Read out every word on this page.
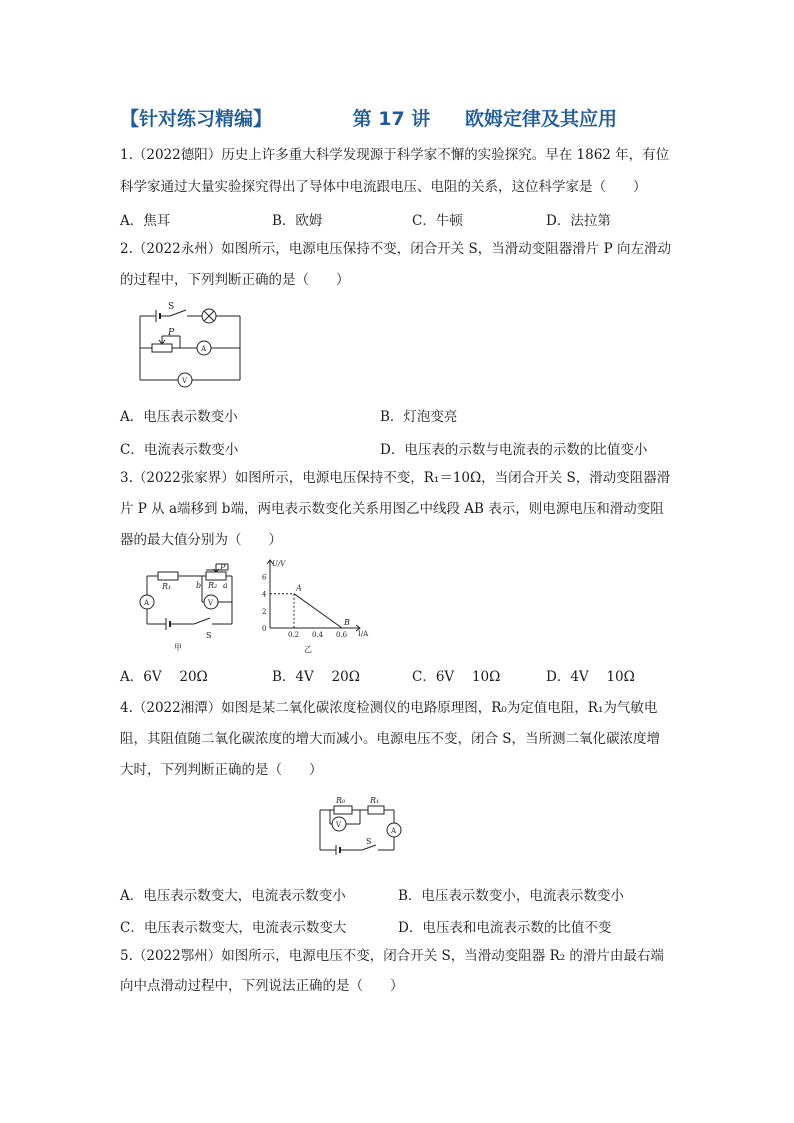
【针对练习精编】	第 17 讲 欧姆定律及其应用
1.（2022德阳）历史上许多重大科学发现源于科学家不懈的实验探究。早在 1862 年，有位
科学家通过大量实验探究得出了导体中电流跟电压、电阻的关系，这位科学家是（　　）
A．焦耳	B．欧姆	C．牛顿	D．法拉第
2.（2022永州）如图所示，电源电压保持不变，闭合开关 S，当滑动变阻器滑片 P 向左滑动
的过程中，下列判断正确的是（　　）
S
P
A
V
A．电压表示数变小	B．灯泡变亮
C．电流表示数变小	D．电压表的示数与电流表的示数的比值变小
3.（2022张家界）如图所示，电源电压保持不变，R₁＝10Ω，当闭合开关 S，滑动变阻器滑
片 P 从 a端移到 b端，两电表示数变化关系用图乙中线段 AB 表示，则电源电压和滑动变阻
器的最大值分别为（　　）
R₁	R₂
P
a
b
A	V
S
甲
I/A
U/V
0.2 0.4 0.6
0
2
4
6
A
B
乙
A．6V　 20Ω	B．4V　 20Ω	C．6V　 10Ω	D．4V　 10Ω
4.（2022湘潭）如图是某二氧化碳浓度检测仪的电路原理图，R₀为定值电阻，R₁为气敏电
阻，其阻值随二氧化碳浓度的增大而减小。电源电压不变，闭合 S，当所测二氧化碳浓度增
大时，下列判断正确的是（　　）
R₀	R₁
V
A
S
A．电压表示数变大，电流表示数变小	B．电压表示数变小，电流表示数变小
C．电压表示数变大，电流表示数变大	D．电压表和电流表示数的比值不变
5.（2022鄂州）如图所示，电源电压不变，闭合开关 S，当滑动变阻器 R₂ 的滑片由最右端
向中点滑动过程中，下列说法正确的是（　　）
